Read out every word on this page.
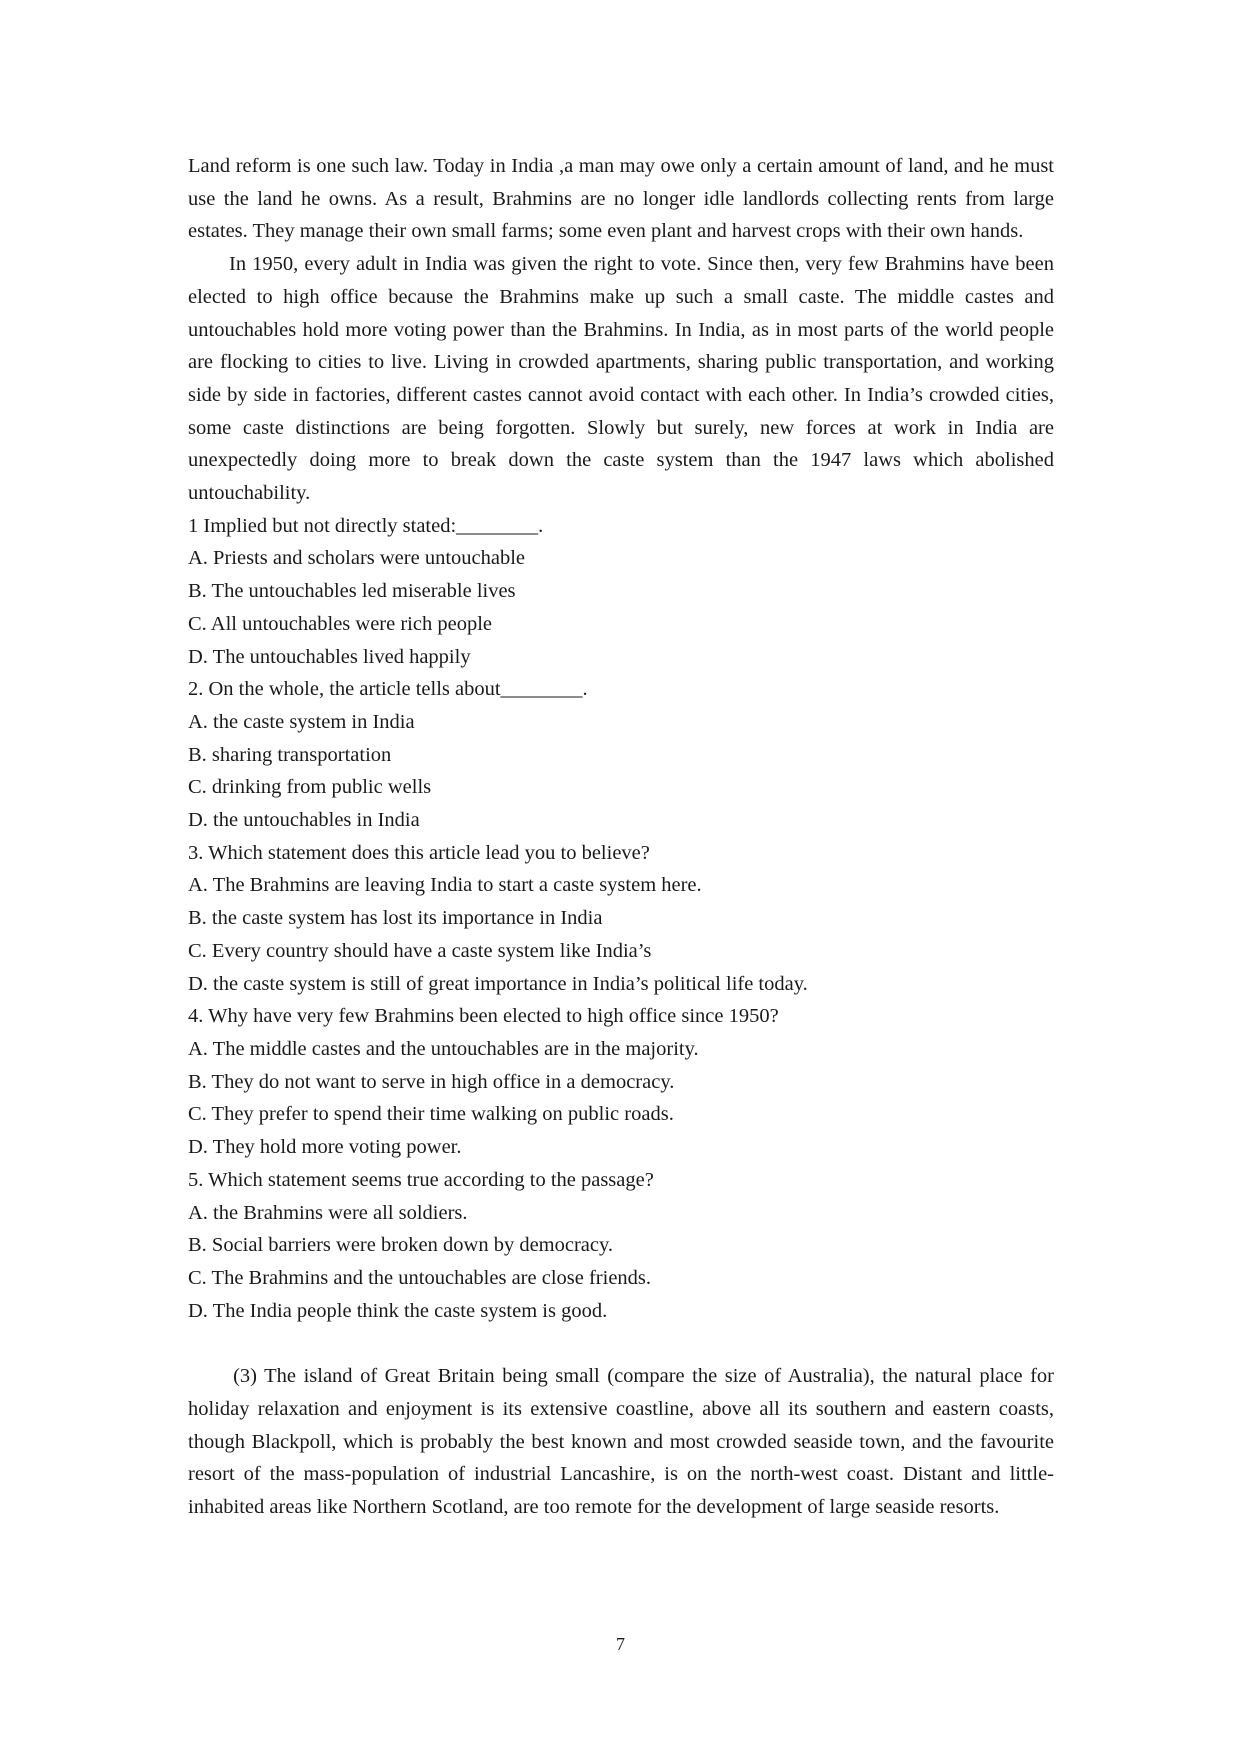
Land reform is one such law. Today in India ,a man may owe only a certain amount of land, and he must use the land he owns. As a result, Brahmins are no longer idle landlords collecting rents from large estates. They manage their own small farms; some even plant and harvest crops with their own hands.

In 1950, every adult in India was given the right to vote. Since then, very few Brahmins have been elected to high office because the Brahmins make up such a small caste. The middle castes and untouchables hold more voting power than the Brahmins. In India, as in most parts of the world people are flocking to cities to live. Living in crowded apartments, sharing public transportation, and working side by side in factories, different castes cannot avoid contact with each other. In India’s crowded cities, some caste distinctions are being forgotten. Slowly but surely, new forces at work in India are unexpectedly doing more to break down the caste system than the 1947 laws which abolished untouchability.

1 Implied but not directly stated:________.

A. Priests and scholars were untouchable

B. The untouchables led miserable lives

C. All untouchables were rich people

D. The untouchables lived happily

2. On the whole, the article tells about________.

A. the caste system in India

B. sharing transportation

C. drinking from public wells

D. the untouchables in India

3. Which statement does this article lead you to believe?

A. The Brahmins are leaving India to start a caste system here.

B. the caste system has lost its importance in India

C. Every country should have a caste system like India’s

D. the caste system is still of great importance in India’s political life today.

4. Why have very few Brahmins been elected to high office since 1950?

A. The middle castes and the untouchables are in the majority.

B. They do not want to serve in high office in a democracy.

C. They prefer to spend their time walking on public roads.

D. They hold more voting power.

5. Which statement seems true according to the passage?

A. the Brahmins were all soldiers.

B. Social barriers were broken down by democracy.

C. The Brahmins and the untouchables are close friends.

D. The India people think the caste system is good.

(3) The island of Great Britain being small (compare the size of Australia), the natural place for holiday relaxation and enjoyment is its extensive coastline, above all its southern and eastern coasts, though Blackpoll, which is probably the best known and most crowded seaside town, and the favourite resort of the mass-population of industrial Lancashire, is on the north-west coast. Distant and little-inhabited areas like Northern Scotland, are too remote for the development of large seaside resorts.

7
